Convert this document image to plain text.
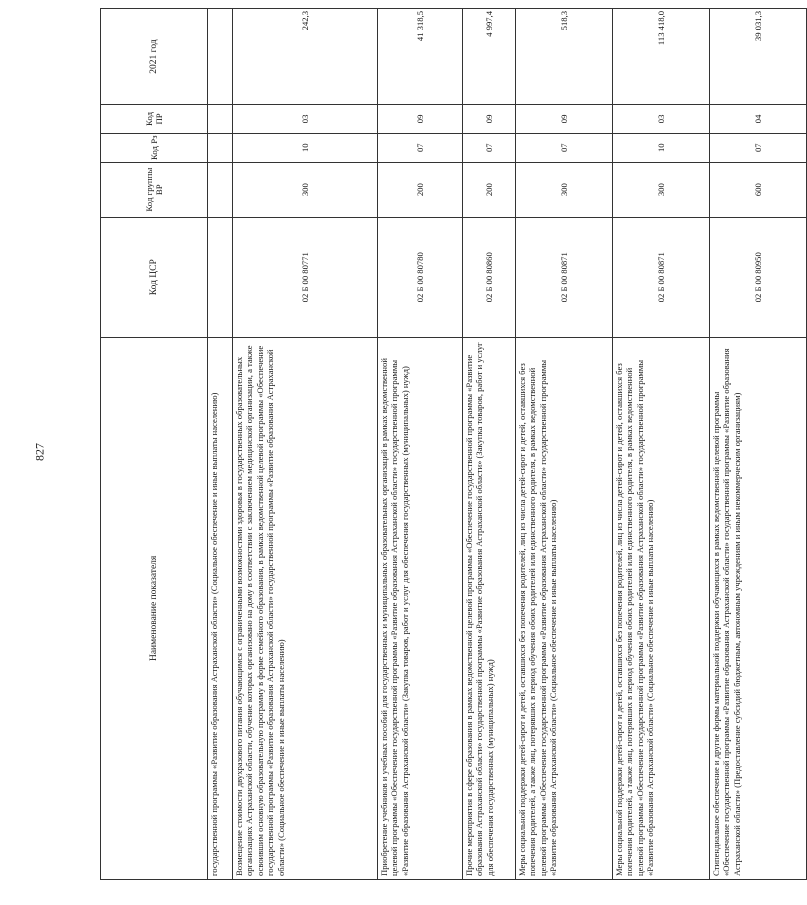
827
Наименование показателя	Код ЦСР	Код группы ВР	Код Рз	Код ПР	2021 год
государственной программы «Развитие образования Астраханской области» (Социальное обеспечение и иные выплаты населению)					
Возмещение стоимости двухразового питания обучающимся с ограниченными возможностями здоровья в государственных образовательных организациях Астраханской области, обучение которых организовано на дому в соответствии с заключением медицинской организации, а также освоившим основную образовательную программу в форме семейного образования, в рамках ведомственной целевой программы «Обеспечение государственной программы «Развитие образования Астраханской области» государственной программы «Развитие образования Астраханской области» (Социальное обеспечение и иные выплаты населению)	02 Б 00 80771	300	10	03	242,3
Приобретение учебников и учебных пособий для государственных и муниципальных образовательных организаций в рамках ведомственной целевой программы «Обеспечение государственной программы «Развитие образования Астраханской области» государственной программы «Развитие образования Астраханской области» (Закупка товаров, работ и услуг для обеспечения государственных (муниципальных) нужд)	02 Б 00 80780	200	07	09	41 318,5
Прочие мероприятия в сфере образования в рамках ведомственной целевой программы «Обеспечение государственной программы «Развитие образования Астраханской области» государственной программы «Развитие образования Астраханской области» (Закупка товаров, работ и услуг для обеспечения государственных (муниципальных) нужд)	02 Б 00 80860	200	07	09	4 997,4
Меры социальной поддержки детей-сирот и детей, оставшихся без попечения родителей, лиц из числа детей-сирот и детей, оставшихся без попечения родителей, а также лиц, потерявших в период обучения обоих родителей или единственного родителя, в рамках ведомственной целевой программы «Обеспечение государственной программы «Развитие образования Астраханской области» государственной программы «Развитие образования Астраханской области» (Социальное обеспечение и иные выплаты населению)	02 Б 00 80871	300	07	09	518,3
Меры социальной поддержки детей-сирот и детей, оставшихся без попечения родителей, лиц из числа детей-сирот и детей, оставшихся без попечения родителей, а также лиц, потерявших в период обучения обоих родителей или единственного родителя, в рамках ведомственной целевой программы «Обеспечение государственной программы «Развитие образования Астраханской области» государственной программы «Развитие образования Астраханской области» (Социальное обеспечение и иные выплаты населению)	02 Б 00 80871	300	10	03	113 418,0
Стипендиальное обеспечение и другие формы материальной поддержки обучающихся в рамках ведомственной целевой программы «Обеспечение государственной программы «Развитие образования Астраханской области» государственной программы «Развитие образования Астраханской области» (Предоставление субсидий бюджетным, автономным учреждениям и иным некоммерческим организациям)	02 Б 00 80950	600	07	04	39 031,3
